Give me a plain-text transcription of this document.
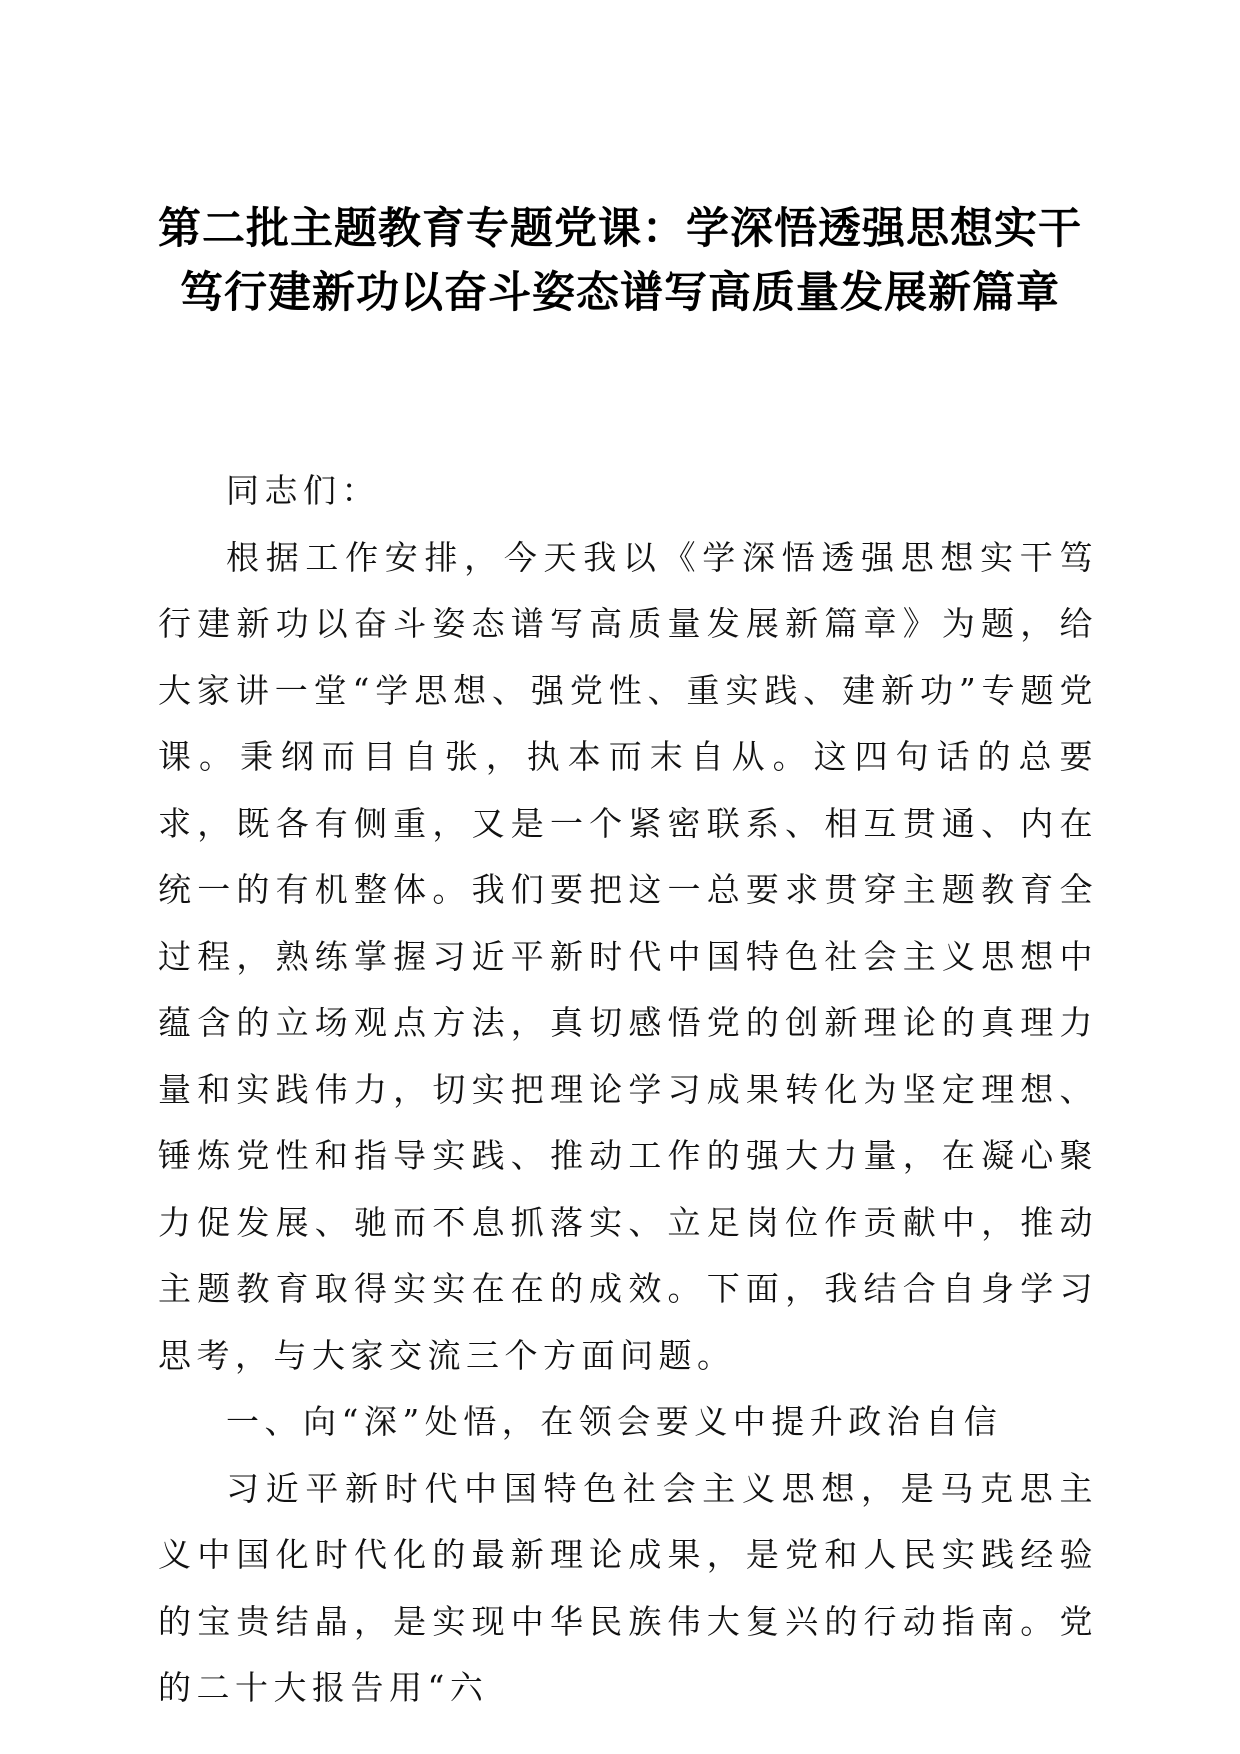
第二批主题教育专题党课：学深悟透强思想实干笃行建新功以奋斗姿态谱写高质量发展新篇章

同志们：

根据工作安排，今天我以《学深悟透强思想实干笃行建新功以奋斗姿态谱写高质量发展新篇章》为题，给大家讲一堂“学思想、强党性、重实践、建新功”专题党课。秉纲而目自张，执本而末自从。这四句话的总要求，既各有侧重，又是一个紧密联系、相互贯通、内在统一的有机整体。我们要把这一总要求贯穿主题教育全过程，熟练掌握习近平新时代中国特色社会主义思想中蕴含的立场观点方法，真切感悟党的创新理论的真理力量和实践伟力，切实把理论学习成果转化为坚定理想、锤炼党性和指导实践、推动工作的强大力量，在凝心聚力促发展、驰而不息抓落实、立足岗位作贡献中，推动主题教育取得实实在在的成效。下面，我结合自身学习思考，与大家交流三个方面问题。

一、向“深”处悟，在领会要义中提升政治自信

习近平新时代中国特色社会主义思想，是马克思主义中国化时代化的最新理论成果，是党和人民实践经验的宝贵结晶，是实现中华民族伟大复兴的行动指南。党的二十大报告用“六
